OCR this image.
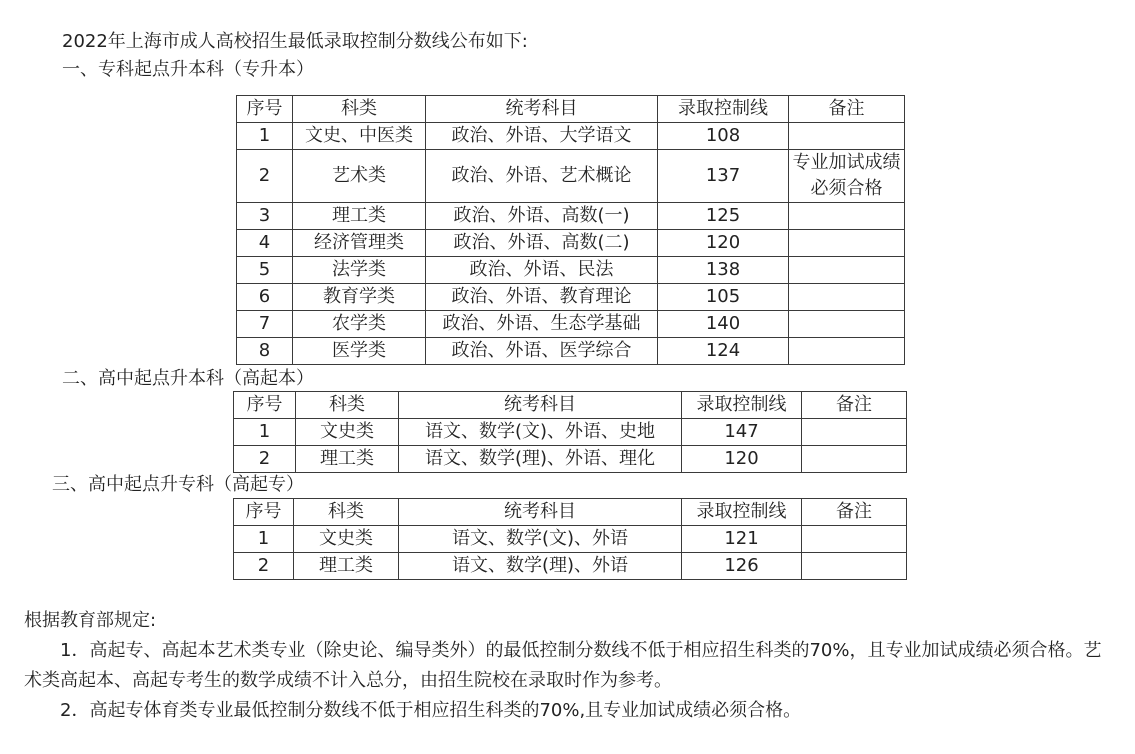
2022年上海市成人高校招生最低录取控制分数线公布如下:
一、专科起点升本科（专升本）
序号	科类	统考科目	录取控制线	备注
1	文史、中医类	政治、外语、大学语文	108	
2	艺术类	政治、外语、艺术概论	137	专业加试成绩必须合格
3	理工类	政治、外语、高数(一)	125	
4	经济管理类	政治、外语、高数(二)	120	
5	法学类	政治、外语、民法	138	
6	教育学类	政治、外语、教育理论	105	
7	农学类	政治、外语、生态学基础	140	
8	医学类	政治、外语、医学综合	124	
二、高中起点升本科（高起本）
序号	科类	统考科目	录取控制线	备注
1	文史类	语文、数学(文)、外语、史地	147	
2	理工类	语文、数学(理)、外语、理化	120	
三、高中起点升专科（高起专）
序号	科类	统考科目	录取控制线	备注
1	文史类	语文、数学(文)、外语	121	
2	理工类	语文、数学(理)、外语	126	
根据教育部规定:
1．高起专、高起本艺术类专业（除史论、编导类外）的最低控制分数线不低于相应招生科类的70%，且专业加试成绩必须合格。艺术类高起本、高起专考生的数学成绩不计入总分，由招生院校在录取时作为参考。
2．高起专体育类专业最低控制分数线不低于相应招生科类的70%,且专业加试成绩必须合格。
